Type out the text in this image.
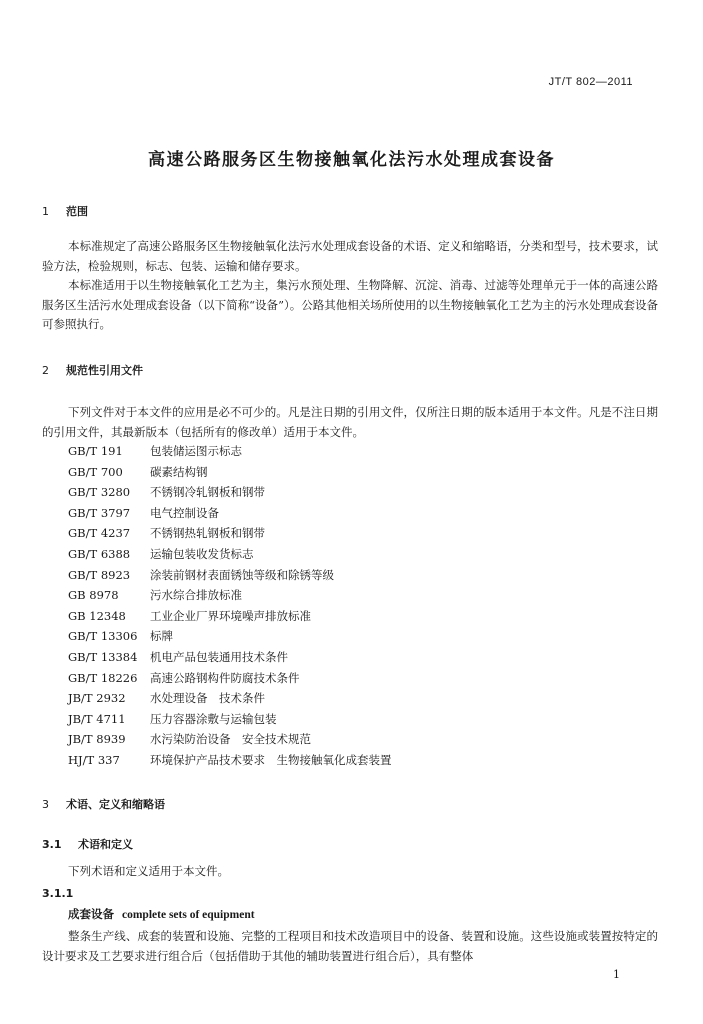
JT/T 802—2011
高速公路服务区生物接触氧化法污水处理成套设备
1 范围

本标准规定了高速公路服务区生物接触氧化法污水处理成套设备的术语、定义和缩略语，分类和型号，技术要求，试验方法，检验规则，标志、包装、运输和储存要求。

本标准适用于以生物接触氧化工艺为主，集污水预处理、生物降解、沉淀、消毒、过滤等处理单元于一体的高速公路服务区生活污水处理成套设备（以下简称“设备”）。公路其他相关场所使用的以生物接触氧化工艺为主的污水处理成套设备可参照执行。

2 规范性引用文件

下列文件对于本文件的应用是必不可少的。凡是注日期的引用文件，仅所注日期的版本适用于本文件。凡是不注日期的引用文件，其最新版本（包括所有的修改单）适用于本文件。

GB/T 191 包装储运图示标志
GB/T 700 碳素结构钢
GB/T 3280 不锈钢冷轧钢板和钢带
GB/T 3797 电气控制设备
GB/T 4237 不锈钢热轧钢板和钢带
GB/T 6388 运输包装收发货标志
GB/T 8923 涂装前钢材表面锈蚀等级和除锈等级
GB 8978	污水综合排放标准
GB 12348 工业企业厂界环境噪声排放标准
GB/T 13306 标牌
GB/T 13384 机电产品包装通用技术条件
GB/T 18226 高速公路钢构件防腐技术条件
JB/T 2932 水处理设备　技术条件
JB/T 4711 压力容器涂敷与运输包装
JB/T 8939 水污染防治设备　安全技术规范
HJ/T 337	环境保护产品技术要求　生物接触氧化成套装置
3 术语、定义和缩略语
3.1 术语和定义

下列术语和定义适用于本文件。

3.1.1
成套设备 complete sets of equipment

整条生产线、成套的装置和设施、完整的工程项目和技术改造项目中的设备、装置和设施。这些设施或装置按特定的设计要求及工艺要求进行组合后（包括借助于其他的辅助装置进行组合后），具有整体

1
